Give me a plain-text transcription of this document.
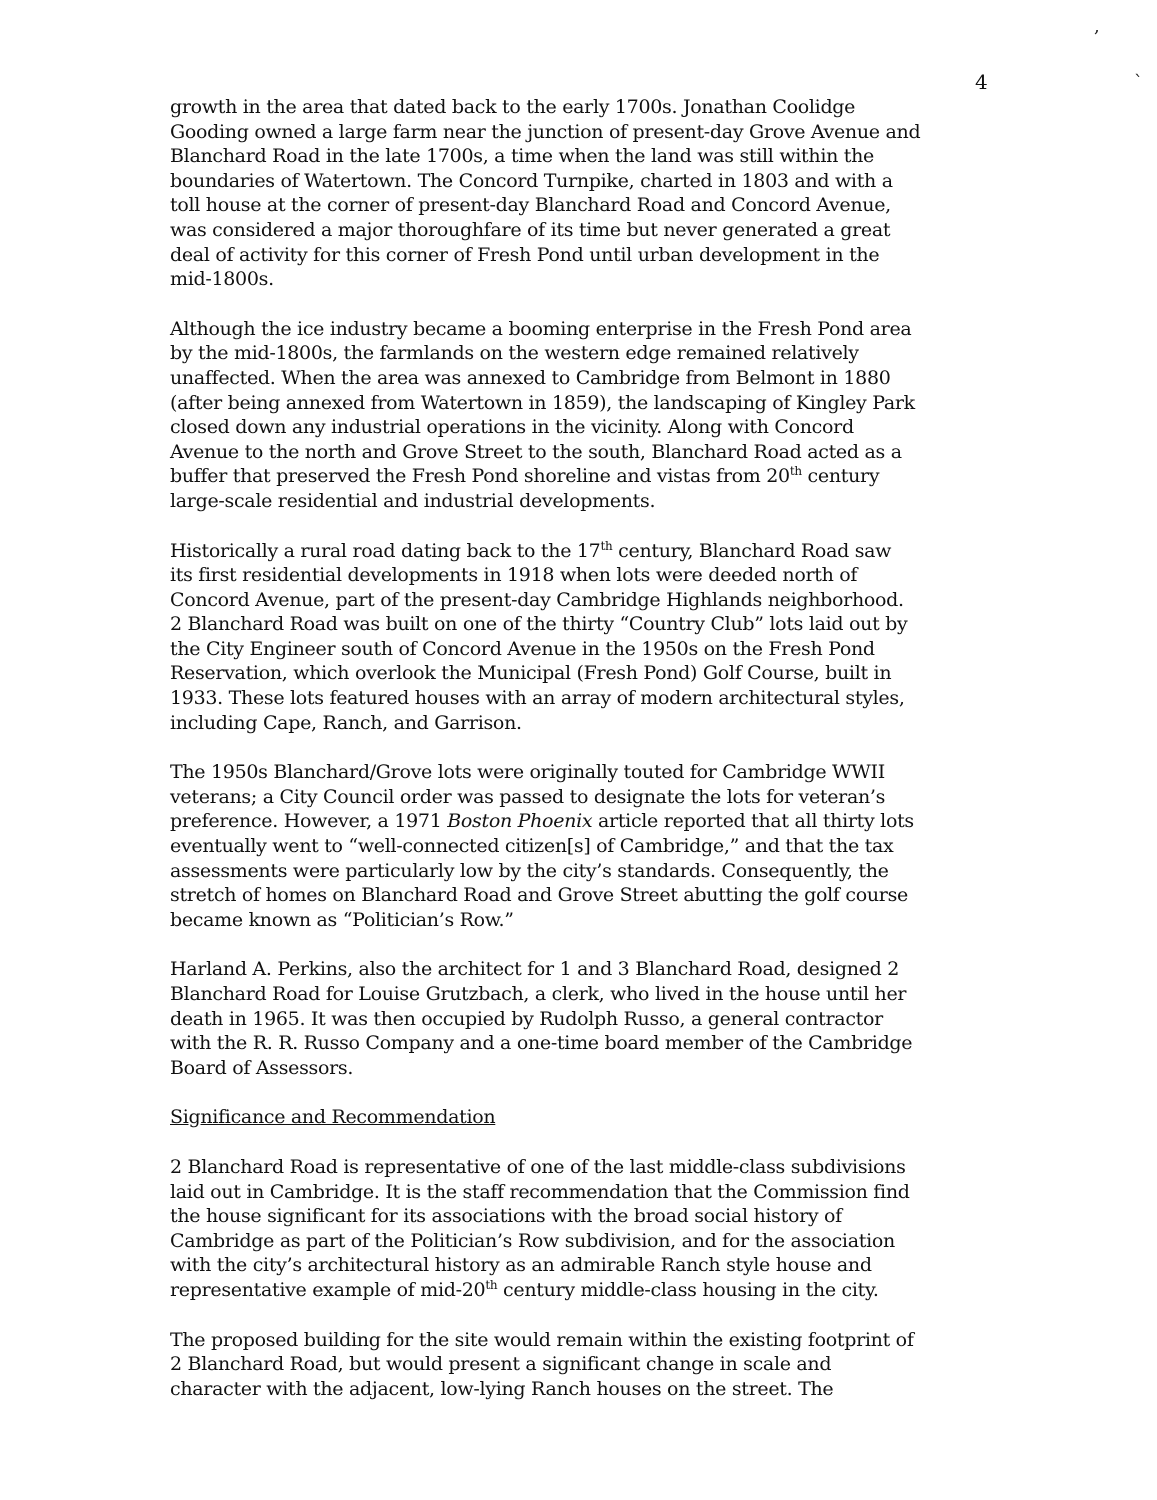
4
,
`
growth in the area that dated back to the early 1700s. Jonathan Coolidge
Gooding owned a large farm near the junction of present-day Grove Avenue and
Blanchard Road in the late 1700s, a time when the land was still within the
boundaries of Watertown. The Concord Turnpike, charted in 1803 and with a
toll house at the corner of present-day Blanchard Road and Concord Avenue,
was considered a major thoroughfare of its time but never generated a great
deal of activity for this corner of Fresh Pond until urban development in the
mid-1800s.
Although the ice industry became a booming enterprise in the Fresh Pond area
by the mid-1800s, the farmlands on the western edge remained relatively
unaffected. When the area was annexed to Cambridge from Belmont in 1880
(after being annexed from Watertown in 1859), the landscaping of Kingley Park
closed down any industrial operations in the vicinity. Along with Concord
Avenue to the north and Grove Street to the south, Blanchard Road acted as a
buffer that preserved the Fresh Pond shoreline and vistas from 20th century
large-scale residential and industrial developments.
Historically a rural road dating back to the 17th century, Blanchard Road saw
its first residential developments in 1918 when lots were deeded north of
Concord Avenue, part of the present-day Cambridge Highlands neighborhood.
2 Blanchard Road was built on one of the thirty “Country Club” lots laid out by
the City Engineer south of Concord Avenue in the 1950s on the Fresh Pond
Reservation, which overlook the Municipal (Fresh Pond) Golf Course, built in
1933. These lots featured houses with an array of modern architectural styles,
including Cape, Ranch, and Garrison.
The 1950s Blanchard/Grove lots were originally touted for Cambridge WWII
veterans; a City Council order was passed to designate the lots for veteran’s
preference. However, a 1971 Boston Phoenix article reported that all thirty lots
eventually went to “well-connected citizen[s] of Cambridge,” and that the tax
assessments were particularly low by the city’s standards. Consequently, the
stretch of homes on Blanchard Road and Grove Street abutting the golf course
became known as “Politician’s Row.”
Harland A. Perkins, also the architect for 1 and 3 Blanchard Road, designed 2
Blanchard Road for Louise Grutzbach, a clerk, who lived in the house until her
death in 1965. It was then occupied by Rudolph Russo, a general contractor
with the R. R. Russo Company and a one-time board member of the Cambridge
Board of Assessors.
Significance and Recommendation
2 Blanchard Road is representative of one of the last middle-class subdivisions
laid out in Cambridge. It is the staff recommendation that the Commission find
the house significant for its associations with the broad social history of
Cambridge as part of the Politician’s Row subdivision, and for the association
with the city’s architectural history as an admirable Ranch style house and
representative example of mid-20th century middle-class housing in the city.
The proposed building for the site would remain within the existing footprint of
2 Blanchard Road, but would present a significant change in scale and
character with the adjacent, low-lying Ranch houses on the street. The
